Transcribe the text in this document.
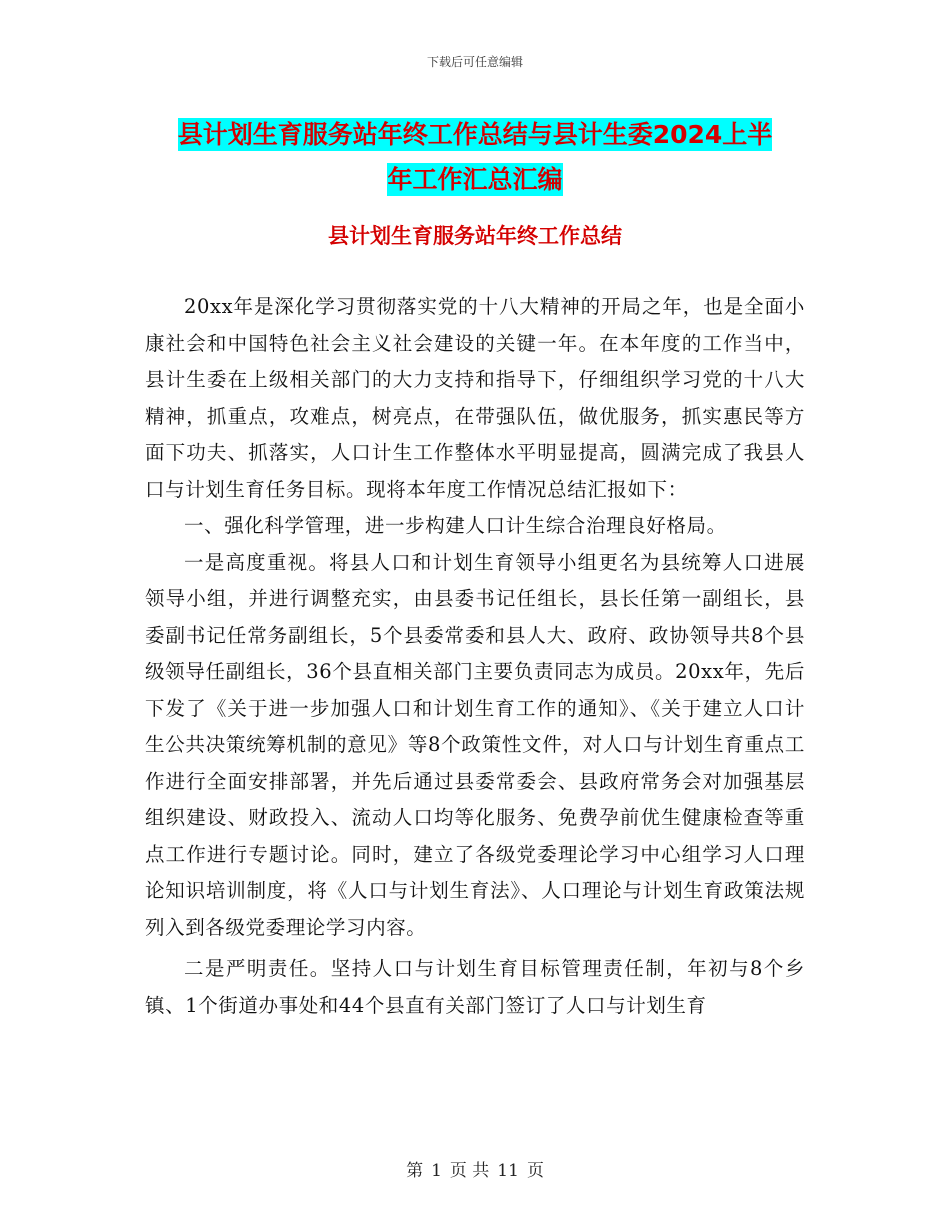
下载后可任意编辑
县计划生育服务站年终工作总结与县计生委2024上半
年工作汇总汇编
县计划生育服务站年终工作总结

20xx年是深化学习贯彻落实党的十八大精神的开局之年，也是全面小康社会和中国特色社会主义社会建设的关键一年。在本年度的工作当中，县计生委在上级相关部门的大力支持和指导下，仔细组织学习党的十八大精神，抓重点，攻难点，树亮点，在带强队伍，做优服务，抓实惠民等方面下功夫、抓落实，人口计生工作整体水平明显提高，圆满完成了我县人口与计划生育任务目标。现将本年度工作情况总结汇报如下：

一、强化科学管理，进一步构建人口计生综合治理良好格局。

一是高度重视。将县人口和计划生育领导小组更名为县统筹人口进展领导小组，并进行调整充实，由县委书记任组长，县长任第一副组长，县委副书记任常务副组长，5个县委常委和县人大、政府、政协领导共8个县级领导任副组长，36个县直相关部门主要负责同志为成员。20xx年，先后下发了《关于进一步加强人口和计划生育工作的通知》、《关于建立人口计生公共决策统筹机制的意见》等8个政策性文件，对人口与计划生育重点工作进行全面安排部署，并先后通过县委常委会、县政府常务会对加强基层组织建设、财政投入、流动人口均等化服务、免费孕前优生健康检查等重点工作进行专题讨论。同时，建立了各级党委理论学习中心组学习人口理论知识培训制度，将《人口与计划生育法》、人口理论与计划生育政策法规列入到各级党委理论学习内容。

二是严明责任。坚持人口与计划生育目标管理责任制，年初与8个乡镇、1个街道办事处和44个县直有关部门签订了人口与计划生育

第 1 页 共 11 页
